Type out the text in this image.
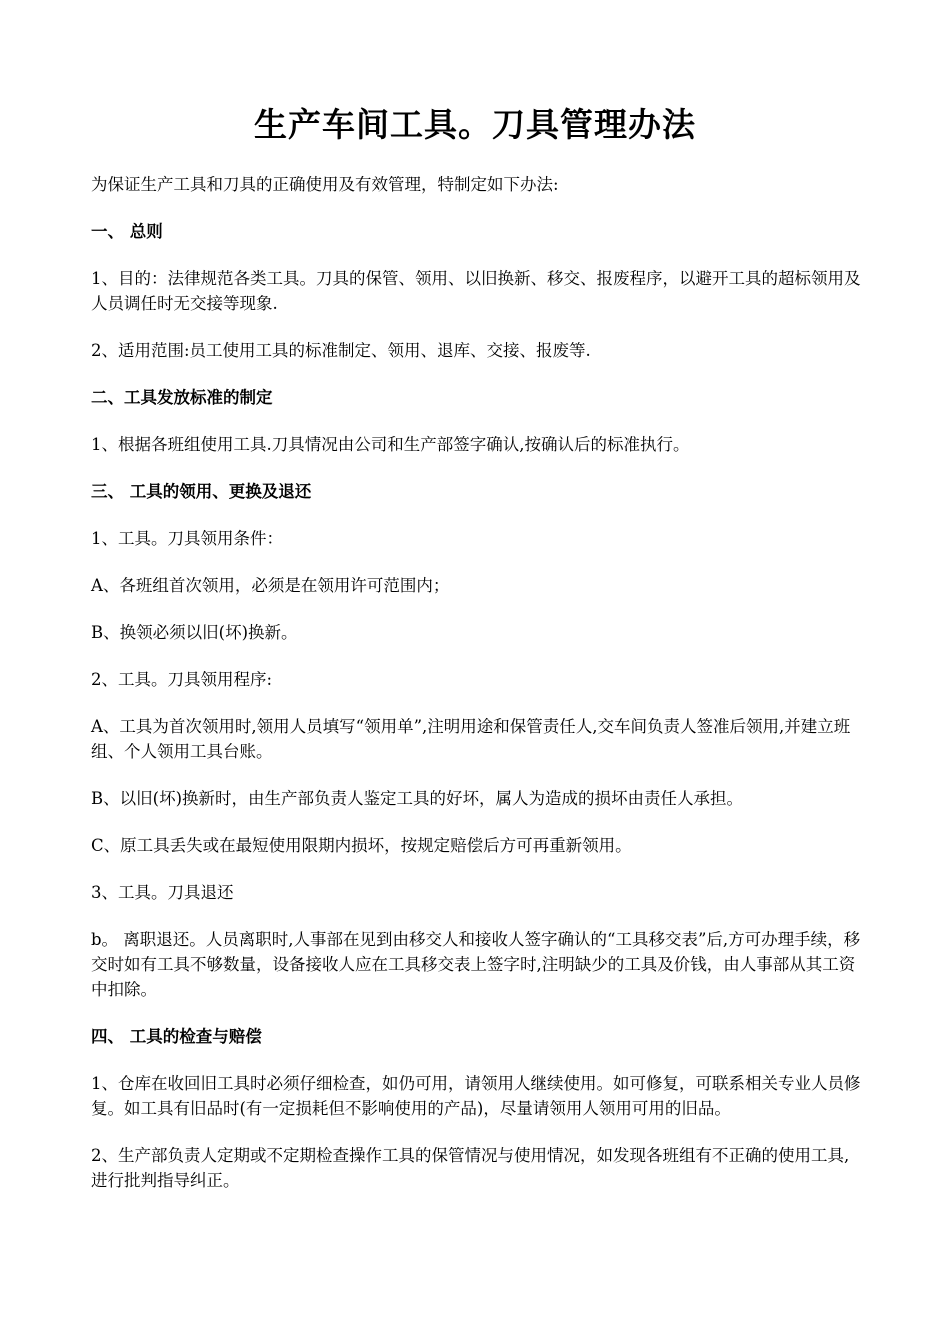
生产车间工具。刀具管理办法

为保证生产工具和刀具的正确使用及有效管理，特制定如下办法:

一、 总则

1、目的：法律规范各类工具。刀具的保管、领用、以旧换新、移交、报废程序，以避开工具的超标领用及人员调任时无交接等现象.

2、适用范围:员工使用工具的标准制定、领用、退库、交接、报废等.

二、工具发放标准的制定

1、根据各班组使用工具.刀具情况由公司和生产部签字确认,按确认后的标准执行。

三、 工具的领用、更换及退还

1、工具。刀具领用条件：

A、各班组首次领用，必须是在领用许可范围内；

B、换领必须以旧(坏)换新。

2、工具。刀具领用程序:

A、工具为首次领用时,领用人员填写“领用单”,注明用途和保管责任人,交车间负责人签准后领用,并建立班组、个人领用工具台账。

B、以旧(坏)换新时，由生产部负责人鉴定工具的好坏，属人为造成的损坏由责任人承担。

C、原工具丢失或在最短使用限期内损坏，按规定赔偿后方可再重新领用。

3、工具。刀具退还

b。 离职退还。人员离职时,人事部在见到由移交人和接收人签字确认的“工具移交表”后,方可办理手续，移交时如有工具不够数量，设备接收人应在工具移交表上签字时,注明缺少的工具及价钱，由人事部从其工资中扣除。

四、 工具的检查与赔偿

1、仓库在收回旧工具时必须仔细检查，如仍可用，请领用人继续使用。如可修复，可联系相关专业人员修复。如工具有旧品时(有一定损耗但不影响使用的产品)，尽量请领用人领用可用的旧品。

2、生产部负责人定期或不定期检查操作工具的保管情况与使用情况，如发现各班组有不正确的使用工具,进行批判指导纠正。
